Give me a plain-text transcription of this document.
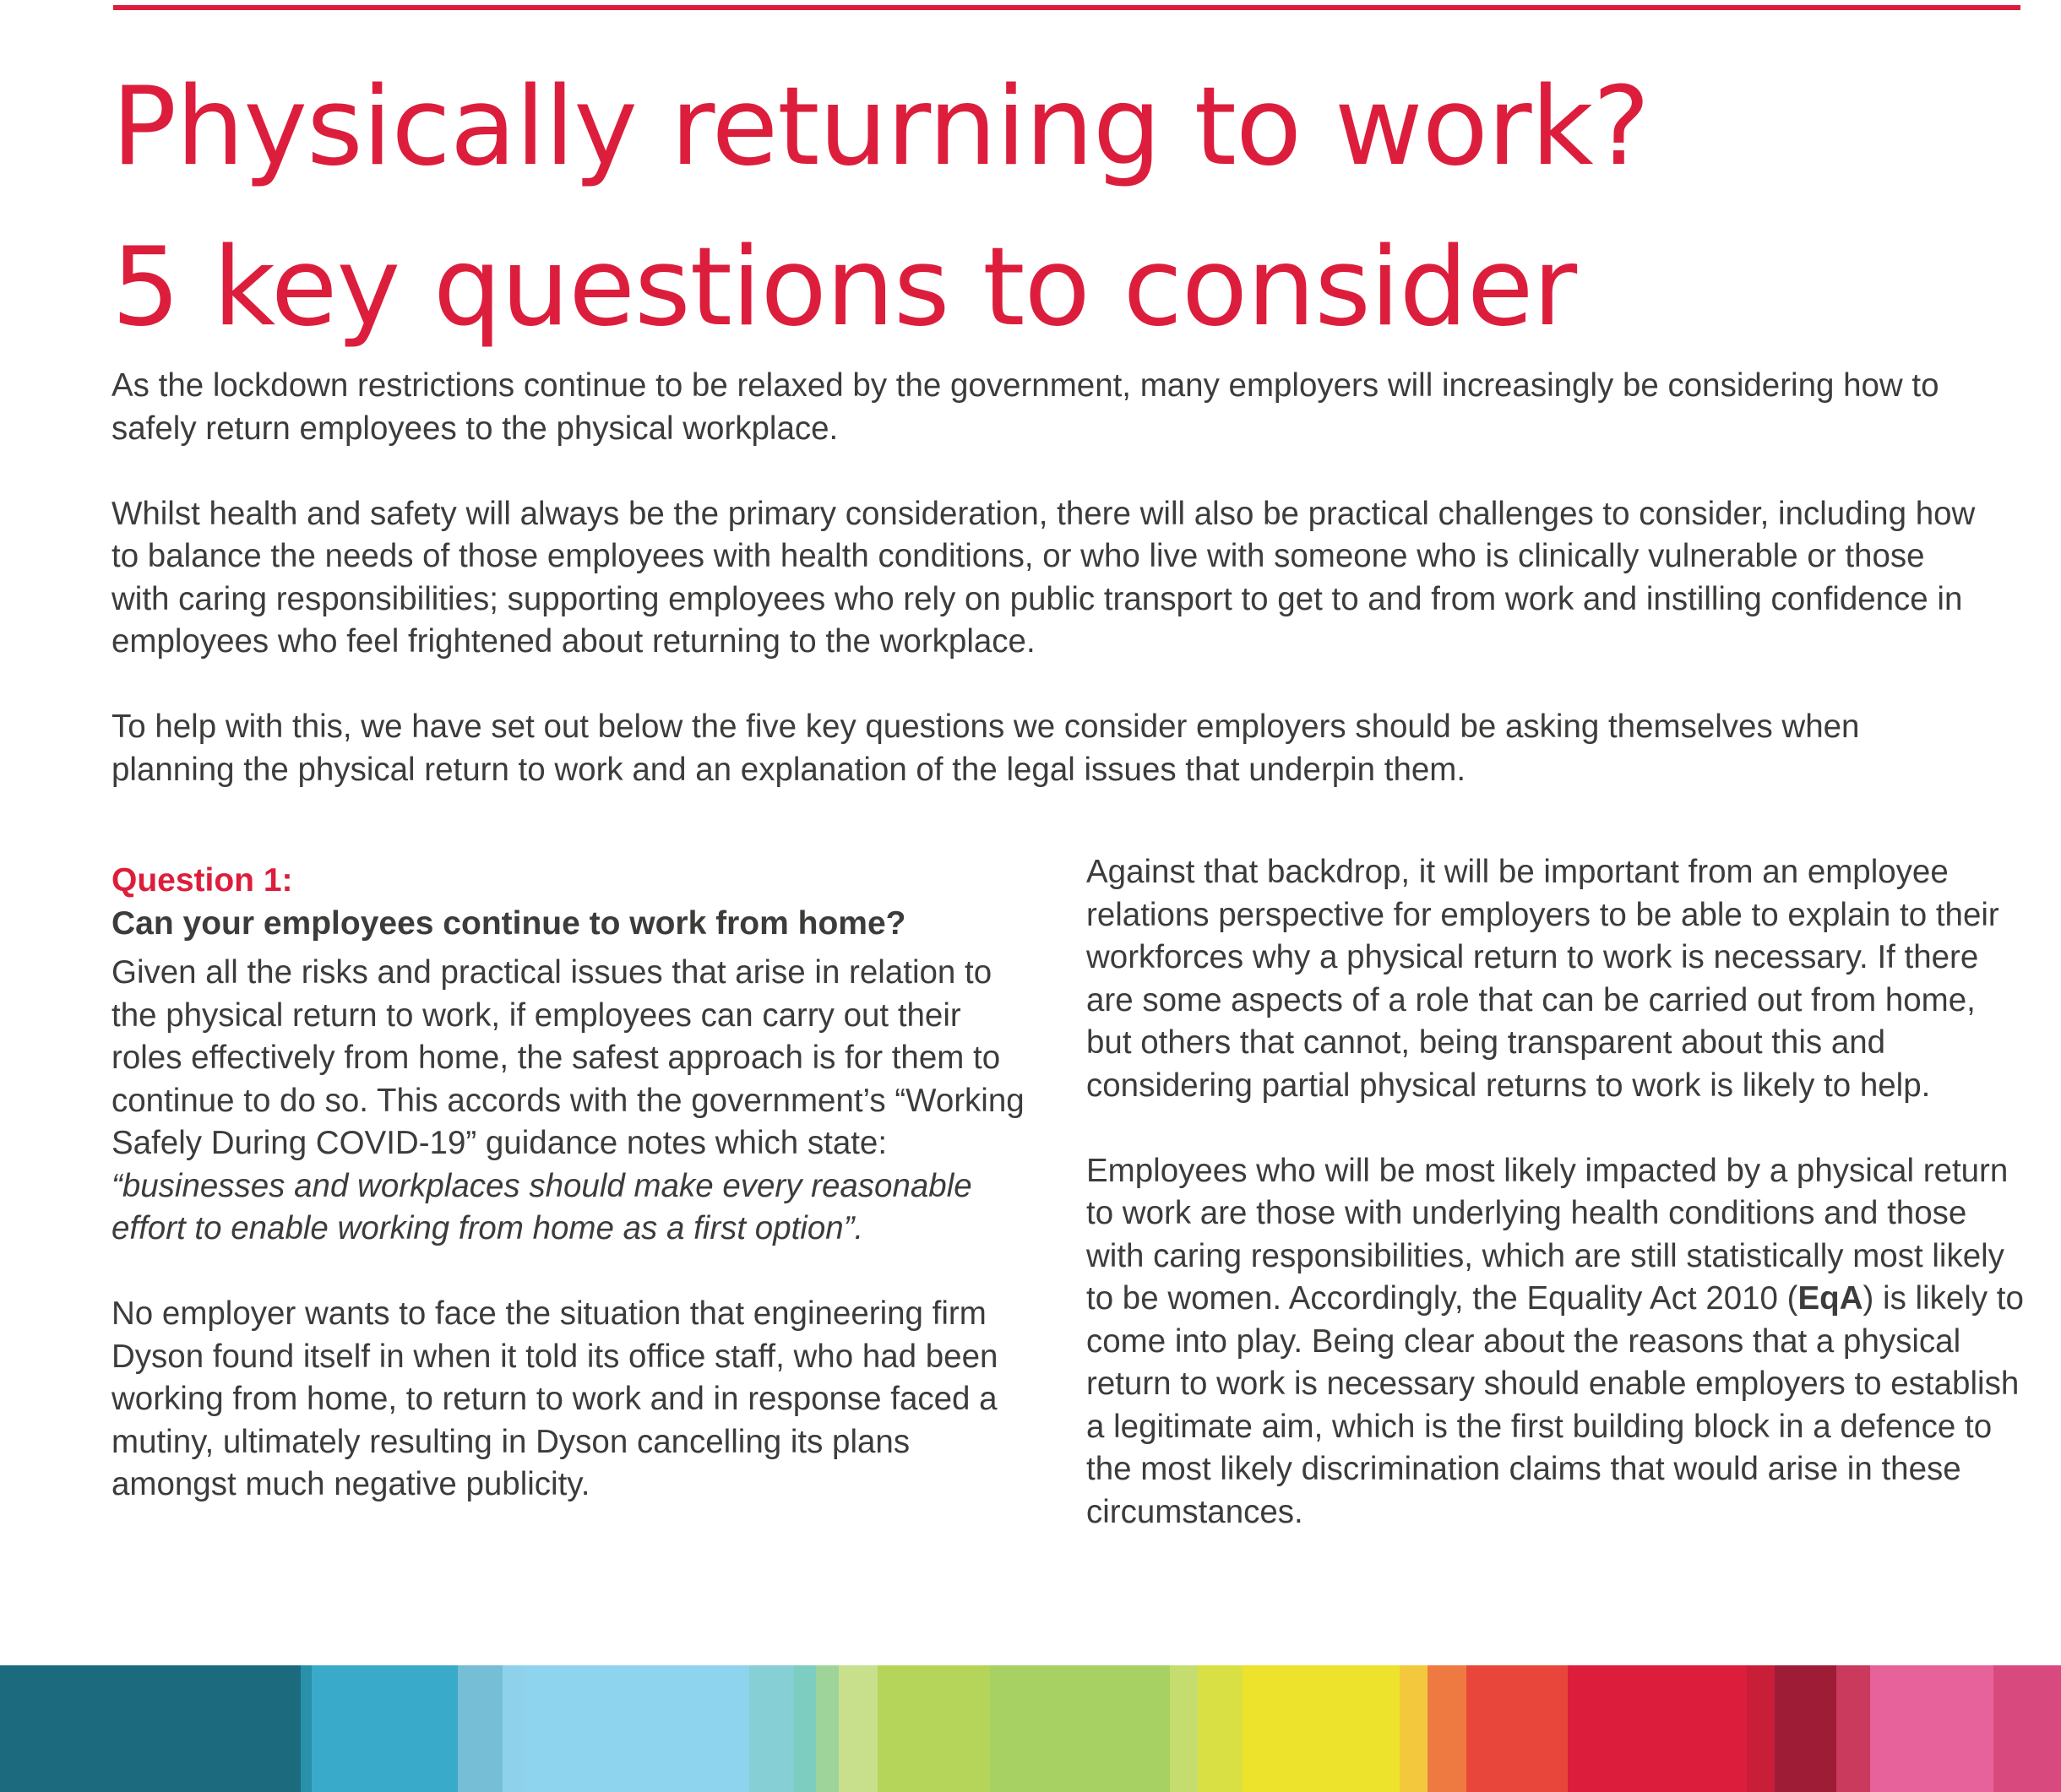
Physically returning to work?
5 key questions to consider

As the lockdown restrictions continue to be relaxed by the government, many employers will increasingly be considering how to safely return employees to the physical workplace.

Whilst health and safety will always be the primary consideration, there will also be practical challenges to consider, including how to balance the needs of those employees with health conditions, or who live with someone who is clinically vulnerable or those with caring responsibilities; supporting employees who rely on public transport to get to and from work and instilling confidence in employees who feel frightened about returning to the workplace.

To help with this, we have set out below the five key questions we consider employers should be asking themselves when planning the physical return to work and an explanation of the legal issues that underpin them.

Question 1:
Can your employees continue to work from home?

Given all the risks and practical issues that arise in relation to the physical return to work, if employees can carry out their roles effectively from home, the safest approach is for them to continue to do so. This accords with the government’s “Working Safely During COVID-19” guidance notes which state: “businesses and workplaces should make every reasonable effort to enable working from home as a first option”.

No employer wants to face the situation that engineering firm Dyson found itself in when it told its office staff, who had been working from home, to return to work and in response faced a mutiny, ultimately resulting in Dyson cancelling its plans amongst much negative publicity.

Against that backdrop, it will be important from an employee relations perspective for employers to be able to explain to their workforces why a physical return to work is necessary. If there are some aspects of a role that can be carried out from home, but others that cannot, being transparent about this and considering partial physical returns to work is likely to help.

Employees who will be most likely impacted by a physical return to work are those with underlying health conditions and those with caring responsibilities, which are still statistically most likely to be women. Accordingly, the Equality Act 2010 (EqA) is likely to come into play. Being clear about the reasons that a physical return to work is necessary should enable employers to establish a legitimate aim, which is the first building block in a defence to the most likely discrimination claims that would arise in these circumstances.
